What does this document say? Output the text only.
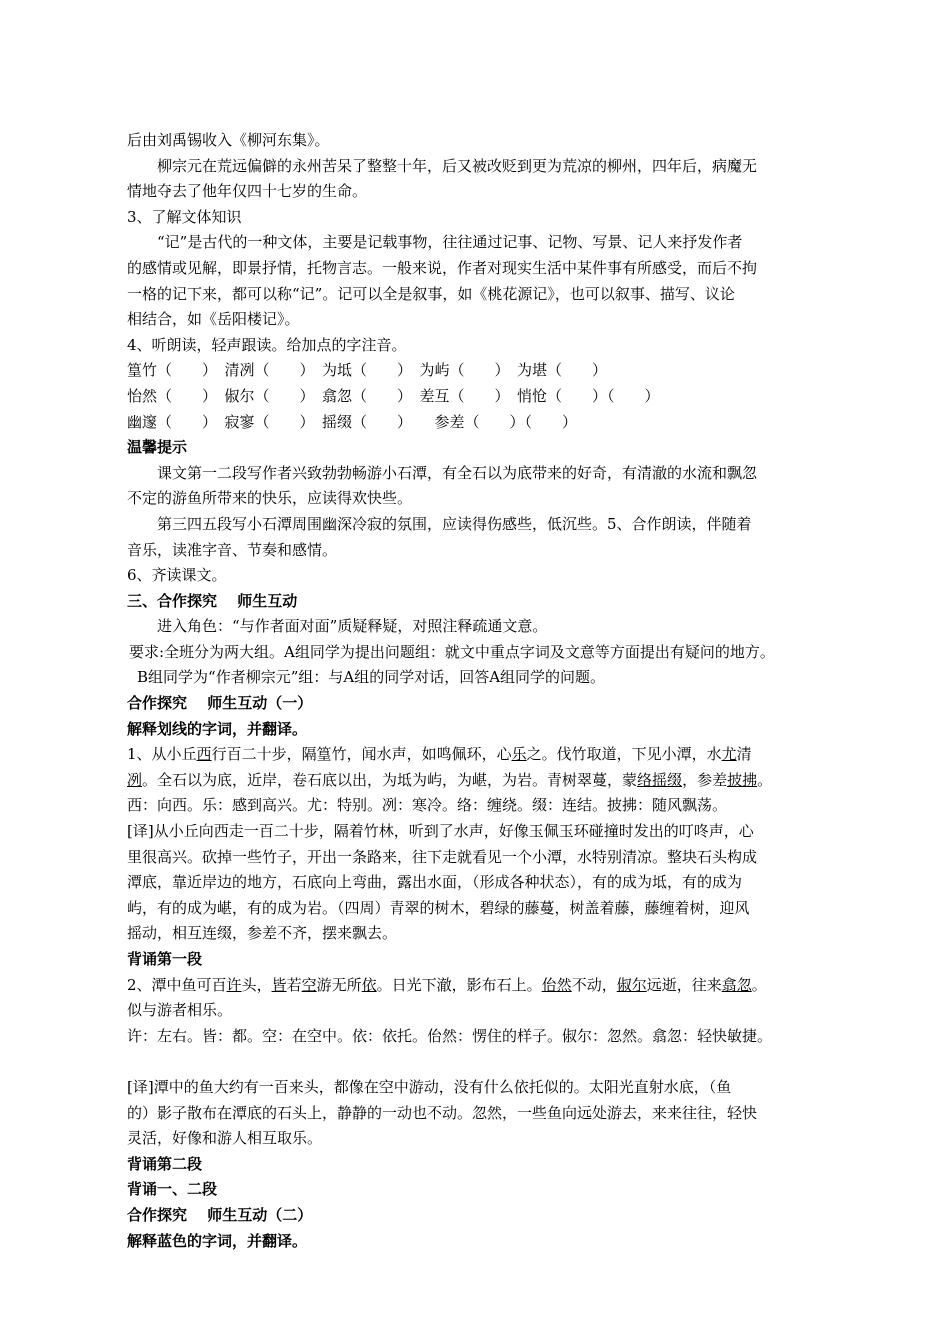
后由刘禹锡收入《柳河东集》。

柳宗元在荒远偏僻的永州苦呆了整整十年，后又被改贬到更为荒凉的柳州，四年后，病魔无

情地夺去了他年仅四十七岁的生命。

3、了解文体知识

“记”是古代的一种文体，主要是记载事物，往往通过记事、记物、写景、记人来抒发作者

的感情或见解，即景抒情，托物言志。一般来说，作者对现实生活中某件事有所感受，而后不拘

一格的记下来，都可以称“记”。记可以全是叙事，如《桃花源记》，也可以叙事、描写、议论

相结合，如《岳阳楼记》。

4、听朗读，轻声跟读。给加点的字注音。

篁竹（　　）　清冽（　　）　为坻（　　）　为屿（　　）　为堪（　　）

怡然（　　）　俶尔（　　）　翕忽（　　）　差互（　　）　悄怆（　　）（　　）

幽邃（　　）　寂寥（　　）　摇缀（　　）　　参差（　　）（　　）

温馨提示

课文第一二段写作者兴致勃勃畅游小石潭，有全石以为底带来的好奇，有清澈的水流和飘忽

不定的游鱼所带来的快乐，应读得欢快些。

第三四五段写小石潭周围幽深冷寂的氛围，应读得伤感些，低沉些。5、合作朗读，伴随着

音乐，读准字音、节奏和感情。

6、齐读课文。

三、合作探究　 师生互动

进入角色：“与作者面对面”质疑释疑，对照注释疏通文意。

要求:全班分为两大组。A组同学为提出问题组：就文中重点字词及文意等方面提出有疑问的地方。

B组同学为“作者柳宗元”组：与A组的同学对话，回答A组同学的问题。

合作探究　 师生互动（一）

解释划线的字词，并翻译。

1、从小丘西行百二十步，隔篁竹，闻水声，如鸣佩环，心乐之。伐竹取道，下见小潭，水尤清

冽。全石以为底，近岸，卷石底以出，为坻为屿，为嵁，为岩。青树翠蔓，蒙络摇缀，参差披拂。

西：向西。乐：感到高兴。尤：特别。冽：寒冷。络：缠绕。缀：连结。披拂：随风飘荡。

[译]从小丘向西走一百二十步，隔着竹林，听到了水声，好像玉佩玉环碰撞时发出的叮咚声，心

里很高兴。砍掉一些竹子，开出一条路来，往下走就看见一个小潭，水特别清凉。整块石头构成

潭底，靠近岸边的地方，石底向上弯曲，露出水面，（形成各种状态），有的成为坻，有的成为

屿，有的成为嵁，有的成为岩。（四周）青翠的树木，碧绿的藤蔓，树盖着藤，藤缠着树，迎风

摇动，相互连缀，参差不齐，摆来飘去。

背诵第一段

2、潭中鱼可百许头，皆若空游无所依。日光下澈，影布石上。佁然不动，俶尔远逝，往来翕忽。

似与游者相乐。

许：左右。皆：都。空：在空中。依：依托。佁然：愣住的样子。俶尔：忽然。翕忽：轻快敏捷。

[译]潭中的鱼大约有一百来头，都像在空中游动，没有什么依托似的。太阳光直射水底，（鱼

的）影子散布在潭底的石头上，静静的一动也不动。忽然，一些鱼向远处游去，来来往往，轻快

灵活，好像和游人相互取乐。

背诵第二段

背诵一、二段

合作探究　 师生互动（二）

解释蓝色的字词，并翻译。
